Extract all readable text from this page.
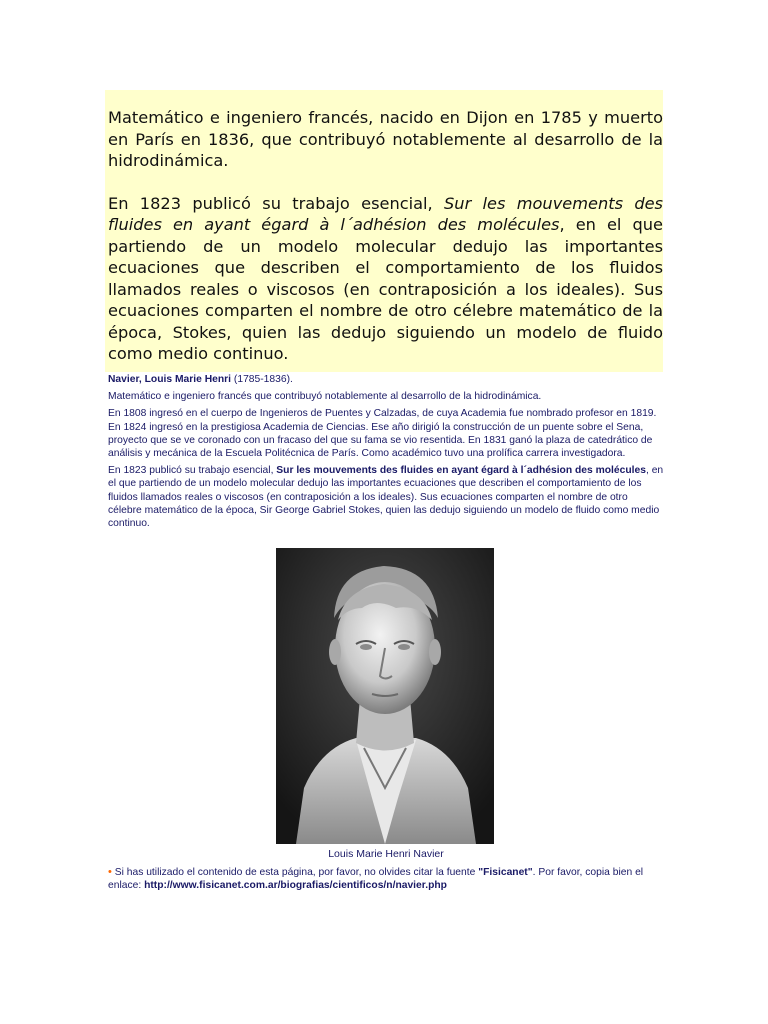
Matemático e ingeniero francés, nacido en Dijon en 1785 y muerto en París en 1836, que contribuyó notablemente al desarrollo de la hidrodinámica.

En 1823 publicó su trabajo esencial, Sur les mouvements des fluides en ayant égard à l´adhésion des molécules, en el que partiendo de un modelo molecular dedujo las importantes ecuaciones que describen el comportamiento de los fluidos llamados reales o viscosos (en contraposición a los ideales). Sus ecuaciones comparten el nombre de otro célebre matemático de la época, Stokes, quien las dedujo siguiendo un modelo de fluido como medio continuo.

Navier, Louis Marie Henri (1785-1836).

Matemático e ingeniero francés que contribuyó notablemente al desarrollo de la hidrodinámica.

En 1808 ingresó en el cuerpo de Ingenieros de Puentes y Calzadas, de cuya Academia fue nombrado profesor en 1819. En 1824 ingresó en la prestigiosa Academia de Ciencias. Ese año dirigió la construcción de un puente sobre el Sena, proyecto que se ve coronado con un fracaso del que su fama se vio resentida. En 1831 ganó la plaza de catedrático de análisis y mecánica de la Escuela Politécnica de París. Como académico tuvo una prolífica carrera investigadora.

En 1823 publicó su trabajo esencial, Sur les mouvements des fluides en ayant égard à l´adhésion des molécules, en el que partiendo de un modelo molecular dedujo las importantes ecuaciones que describen el comportamiento de los fluidos llamados reales o viscosos (en contraposición a los ideales). Sus ecuaciones comparten el nombre de otro célebre matemático de la época, Sir George Gabriel Stokes, quien las dedujo siguiendo un modelo de fluido como medio continuo.

Louis Marie Henri Navier
• Si has utilizado el contenido de esta página, por favor, no olvides citar la fuente "Fisicanet". Por favor, copia bien el enlace: http://www.fisicanet.com.ar/biografias/cientificos/n/navier.php
